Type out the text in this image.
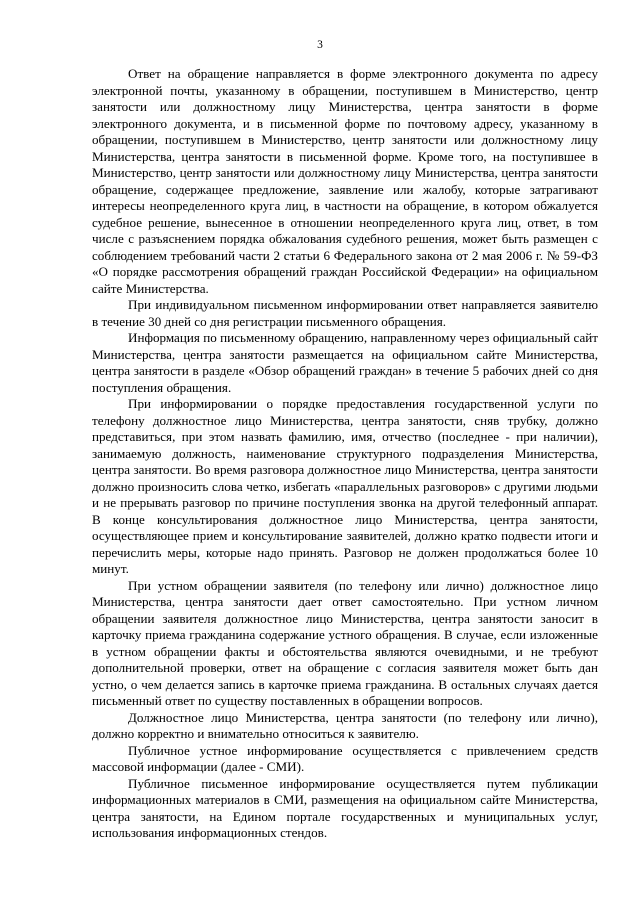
3

Ответ на обращение направляется в форме электронного документа по адресу электронной почты, указанному в обращении, поступившем в Министерство, центр занятости или должностному лицу Министерства, центра занятости в форме электронного документа, и в письменной форме по почтовому адресу, указанному в обращении, поступившем в Министерство, центр занятости или должностному лицу Министерства, центра занятости в письменной форме. Кроме того, на поступившее в Министерство, центр занятости или должностному лицу Министерства, центра занятости обращение, содержащее предложение, заявление или жалобу, которые затрагивают интересы неопределенного круга лиц, в частности на обращение, в котором обжалуется судебное решение, вынесенное в отношении неопределенного круга лиц, ответ, в том числе с разъяснением порядка обжалования судебного решения, может быть размещен с соблюдением требований части 2 статьи 6 Федерального закона от 2 мая 2006 г. № 59-ФЗ «О порядке рассмотрения обращений граждан Российской Федерации» на официальном сайте Министерства.

При индивидуальном письменном информировании ответ направляется заявителю в течение 30 дней со дня регистрации письменного обращения.

Информация по письменному обращению, направленному через официальный сайт Министерства, центра занятости размещается на официальном сайте Министерства, центра занятости в разделе «Обзор обращений граждан» в течение 5 рабочих дней со дня поступления обращения.

При информировании о порядке предоставления государственной услуги по телефону должностное лицо Министерства, центра занятости, сняв трубку, должно представиться, при этом назвать фамилию, имя, отчество (последнее - при наличии), занимаемую должность, наименование структурного подразделения Министерства, центра занятости. Во время разговора должностное лицо Министерства, центра занятости должно произносить слова четко, избегать «параллельных разговоров» с другими людьми и не прерывать разговор по причине поступления звонка на другой телефонный аппарат. В конце консультирования должностное лицо Министерства, центра занятости, осуществляющее прием и консультирование заявителей, должно кратко подвести итоги и перечислить меры, которые надо принять. Разговор не должен продолжаться более 10 минут.

При устном обращении заявителя (по телефону или лично) должностное лицо Министерства, центра занятости дает ответ самостоятельно. При устном личном обращении заявителя должностное лицо Министерства, центра занятости заносит в карточку приема гражданина содержание устного обращения. В случае, если изложенные в устном обращении факты и обстоятельства являются очевидными, и не требуют дополнительной проверки, ответ на обращение с согласия заявителя может быть дан устно, о чем делается запись в карточке приема гражданина. В остальных случаях дается письменный ответ по существу поставленных в обращении вопросов.

Должностное лицо Министерства, центра занятости (по телефону или лично), должно корректно и внимательно относиться к заявителю.

Публичное устное информирование осуществляется с привлечением средств массовой информации (далее - СМИ).

Публичное письменное информирование осуществляется путем публикации информационных материалов в СМИ, размещения на официальном сайте Министерства, центра занятости, на Едином портале государственных и муниципальных услуг, использования информационных стендов.
